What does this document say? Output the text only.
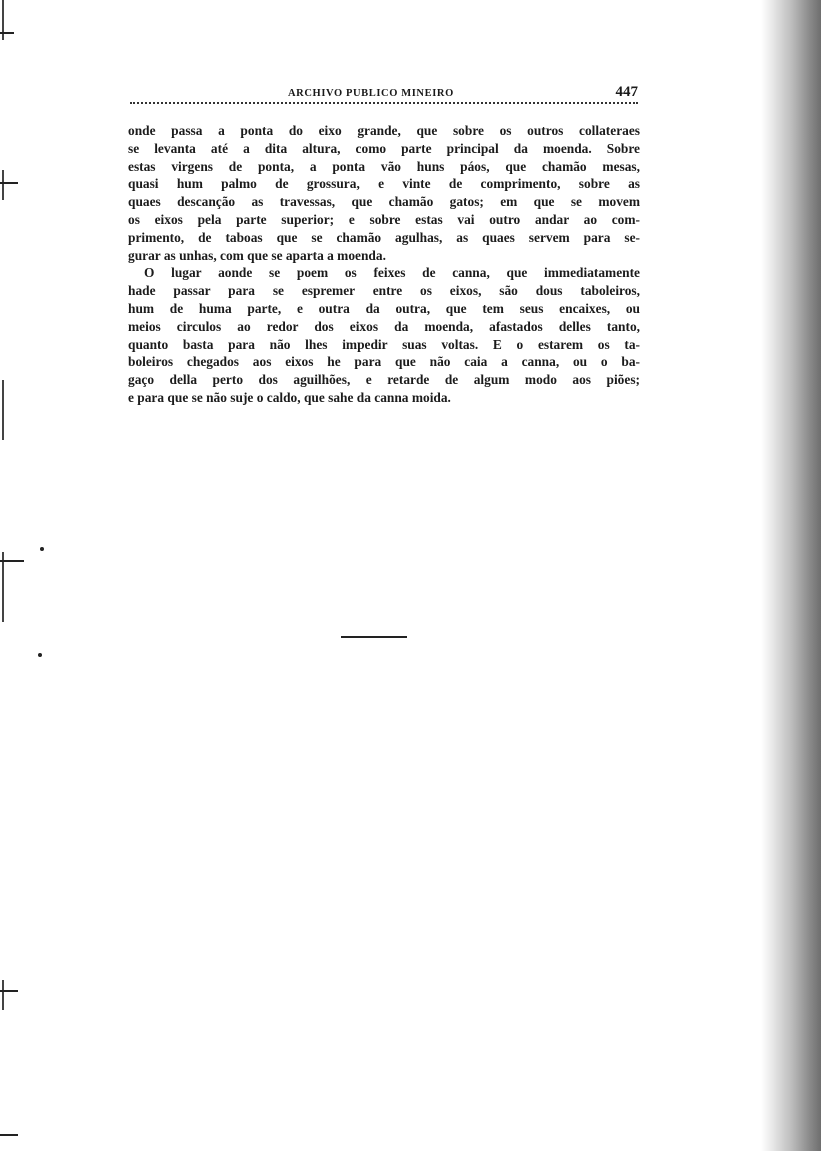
ARCHIVO PUBLICO MINEIRO	447
onde passa a ponta do eixo grande, que sobre os outros collateraes
se levanta até a dita altura, como parte principal da moenda. Sobre
estas virgens de ponta, a ponta vão huns páos, que chamão mesas,
quasi hum palmo de grossura, e vinte de comprimento, sobre as
quaes descanção as travessas, que chamão gatos; em que se movem
os eixos pela parte superior; e sobre estas vai outro andar ao com-
primento, de taboas que se chamão agulhas, as quaes servem para se-
gurar as unhas, com que se aparta a moenda.
O lugar aonde se poem os feixes de canna, que immediatamente
hade passar para se espremer entre os eixos, são dous taboleiros,
hum de huma parte, e outra da outra, que tem seus encaixes, ou
meios circulos ao redor dos eixos da moenda, afastados delles tanto,
quanto basta para não lhes impedir suas voltas. E o estarem os ta-
boleiros chegados aos eixos he para que não caia a canna, ou o ba-
gaço della perto dos aguilhões, e retarde de algum modo aos piões;
e para que se não suje o caldo, que sahe da canna moida.
